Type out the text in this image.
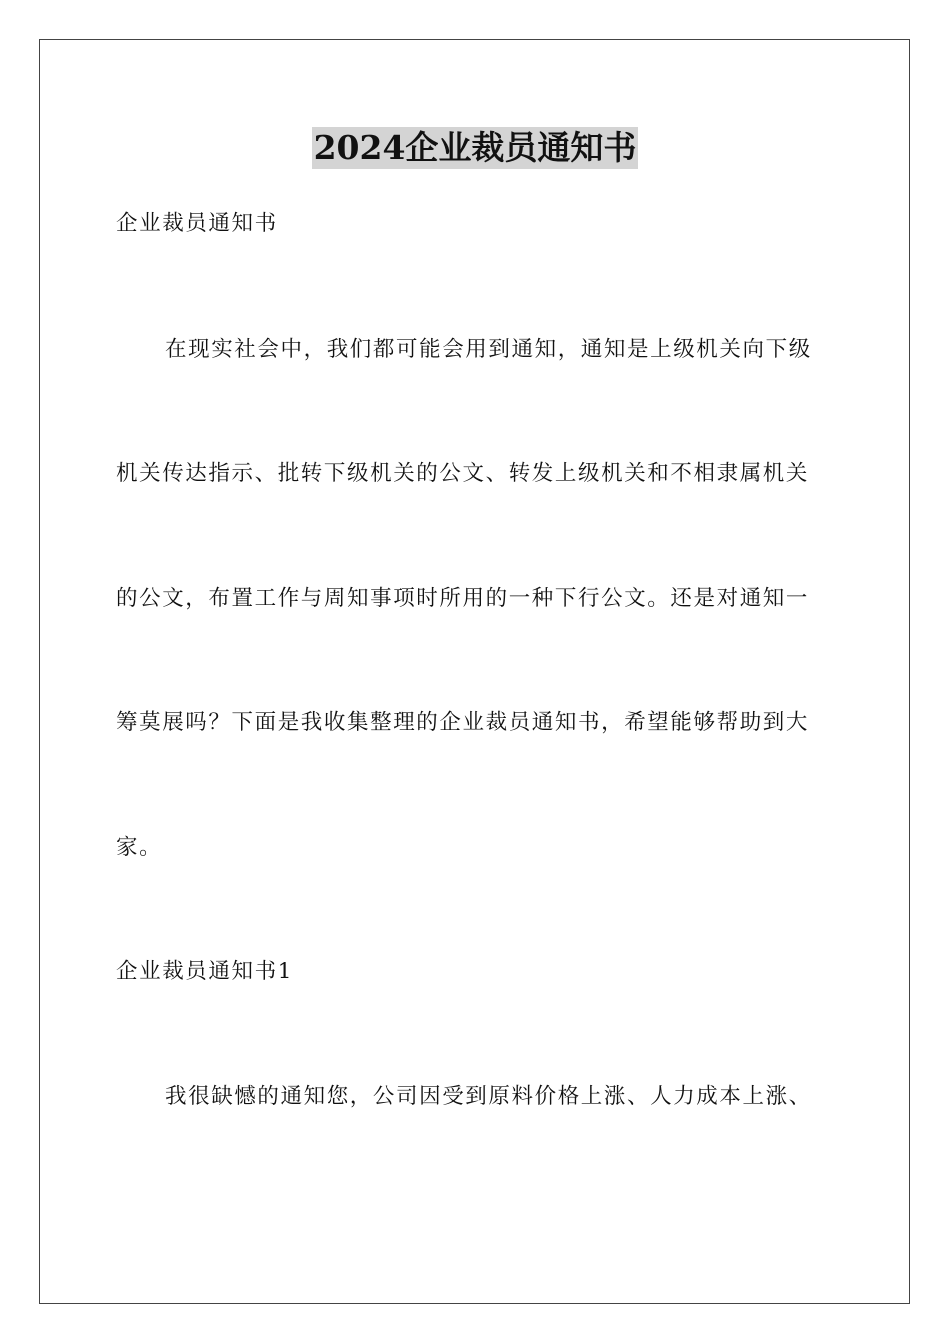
2024企业裁员通知书
企业裁员通知书
在现实社会中，我们都可能会用到通知，通知是上级机关向下级
机关传达指示、批转下级机关的公文、转发上级机关和不相隶属机关
的公文，布置工作与周知事项时所用的一种下行公文。还是对通知一
筹莫展吗？下面是我收集整理的企业裁员通知书，希望能够帮助到大
家。
企业裁员通知书1
我很缺憾的通知您，公司因受到原料价格上涨、人力成本上涨、
